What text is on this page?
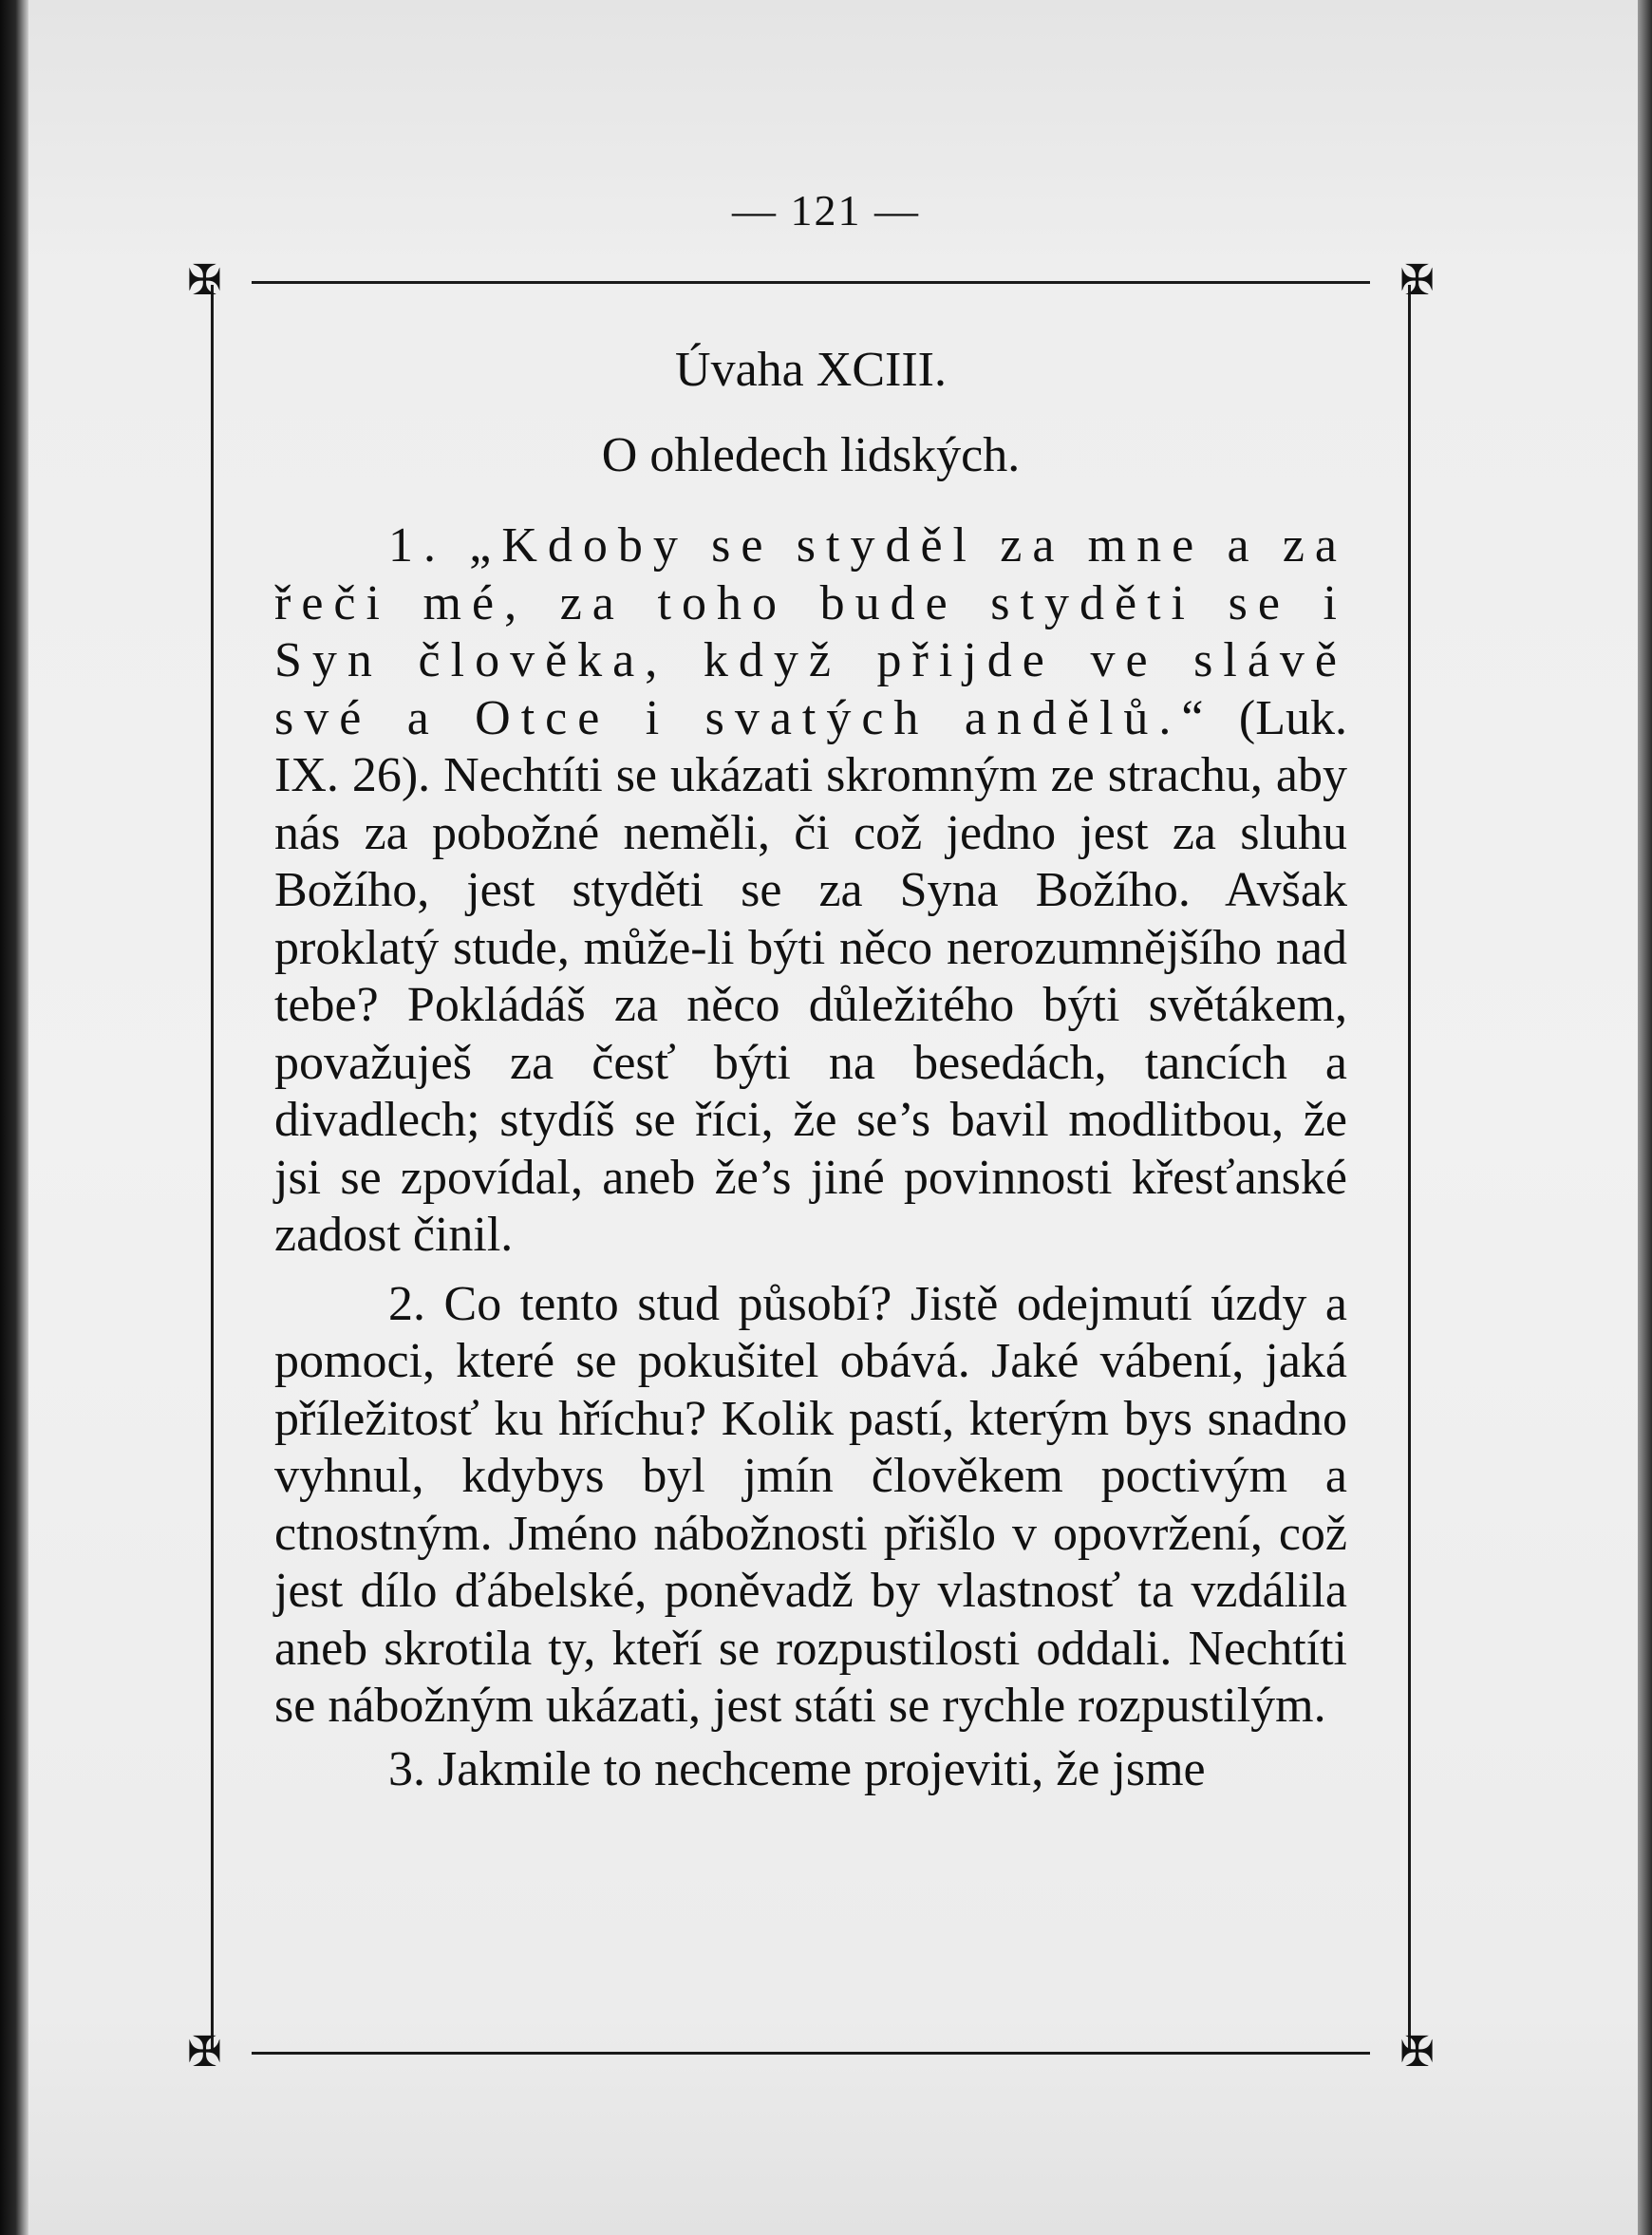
— 121 —
✠	✠
✠	✠

Úvaha XCIII.

O ohledech lidských.

1. „Kdoby se styděl za mne a za řeči mé, za toho bude styděti se i Syn člověka, když přijde ve slávě své a Otce i svatých andělů.“ (Luk. IX. 26). Nechtíti se ukázati skromným ze strachu, aby nás za pobožné neměli, či což jedno jest za sluhu Božího, jest styděti se za Syna Božího. Avšak proklatý stude, může-li býti něco nerozumnějšího nad tebe? Pokládáš za něco důležitého býti světákem, považuješ za česť býti na besedách, tancích a divadlech; stydíš se říci, že se’s bavil modlitbou, že jsi se zpovídal, aneb že’s jiné povinnosti křesťanské zadost činil.

2. Co tento stud působí? Jistě odejmutí úzdy a pomoci, které se pokušitel obává. Jaké vábení, jaká příležitosť ku hříchu? Kolik pastí, kterým bys snadno vyhnul, kdybys byl jmín člověkem poctivým a ctnostným. Jméno nábožnosti přišlo v opovržení, což jest dílo ďábelské, poněvadž by vlastnosť ta vzdálila aneb skrotila ty, kteří se rozpustilosti oddali. Nechtíti se nábožným ukázati, jest státi se rychle rozpustilým.

3. Jakmile to nechceme projeviti, že jsme
